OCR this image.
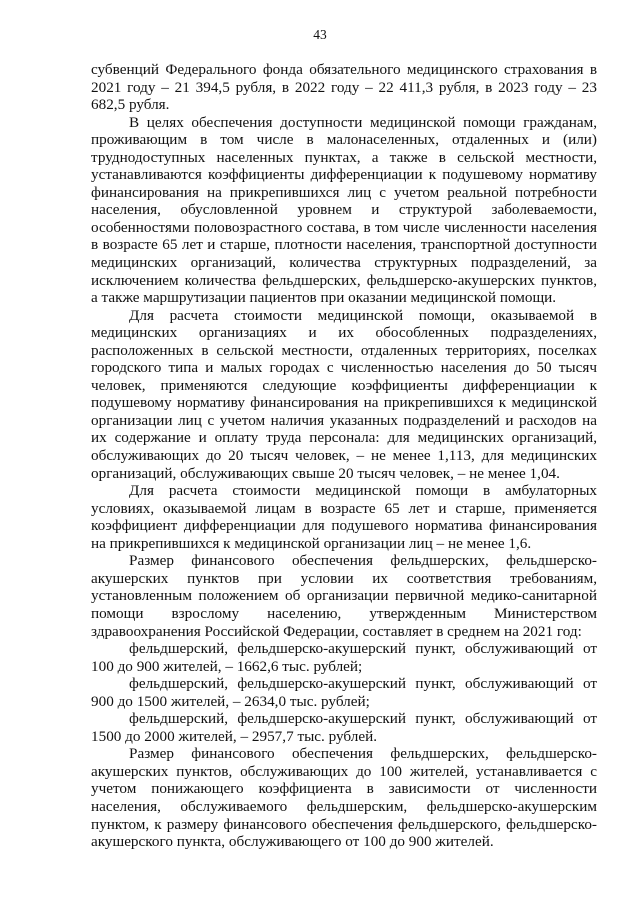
43

субвенций Федерального фонда обязательного медицинского страхования в 2021 году – 21 394,5 рубля, в 2022 году – 22 411,3 рубля, в 2023 году – 23 682,5 рубля.

В целях обеспечения доступности медицинской помощи гражданам, проживающим в том числе в малонаселенных, отдаленных и (или) труднодоступных населенных пунктах, а также в сельской местности, устанавливаются коэффициенты дифференциации к подушевому нормативу финансирования на прикрепившихся лиц с учетом реальной потребности населения, обусловленной уровнем и структурой заболеваемости, особенностями половозрастного состава, в том числе численности населения в возрасте 65 лет и старше, плотности населения, транспортной доступности медицинских организаций, количества структурных подразделений, за исключением количества фельдшерских, фельдшерско-акушерских пунктов, а также маршрутизации пациентов при оказании медицинской помощи.

Для расчета стоимости медицинской помощи, оказываемой в медицинских организациях и их обособленных подразделениях, расположенных в сельской местности, отдаленных территориях, поселках городского типа и малых городах с численностью населения до 50 тысяч человек, применяются следующие коэффициенты дифференциации к подушевому нормативу финансирования на прикрепившихся к медицинской организации лиц с учетом наличия указанных подразделений и расходов на их содержание и оплату труда персонала: для медицинских организаций, обслуживающих до 20 тысяч человек, – не менее 1,113, для медицинских организаций, обслуживающих свыше 20 тысяч человек, – не менее 1,04.

Для расчета стоимости медицинской помощи в амбулаторных условиях, оказываемой лицам в возрасте 65 лет и старше, применяется коэффициент дифференциации для подушевого норматива финансирования на прикрепившихся к медицинской организации лиц – не менее 1,6.

Размер финансового обеспечения фельдшерских, фельдшерско-акушерских пунктов при условии их соответствия требованиям, установленным положением об организации первичной медико-санитарной помощи взрослому населению, утвержденным Министерством здравоохранения Российской Федерации, составляет в среднем на 2021 год:

фельдшерский, фельдшерско-акушерский пункт, обслуживающий от 100 до 900 жителей, – 1662,6 тыс. рублей;

фельдшерский, фельдшерско-акушерский пункт, обслуживающий от 900 до 1500 жителей, – 2634,0 тыс. рублей;

фельдшерский, фельдшерско-акушерский пункт, обслуживающий от 1500 до 2000 жителей, – 2957,7 тыс. рублей.

Размер финансового обеспечения фельдшерских, фельдшерско-акушерских пунктов, обслуживающих до 100 жителей, устанавливается с учетом понижающего коэффициента в зависимости от численности населения, обслуживаемого фельдшерским, фельдшерско-акушерским пунктом, к размеру финансового обеспечения фельдшерского, фельдшерско-акушерского пункта, обслуживающего от 100 до 900 жителей.
